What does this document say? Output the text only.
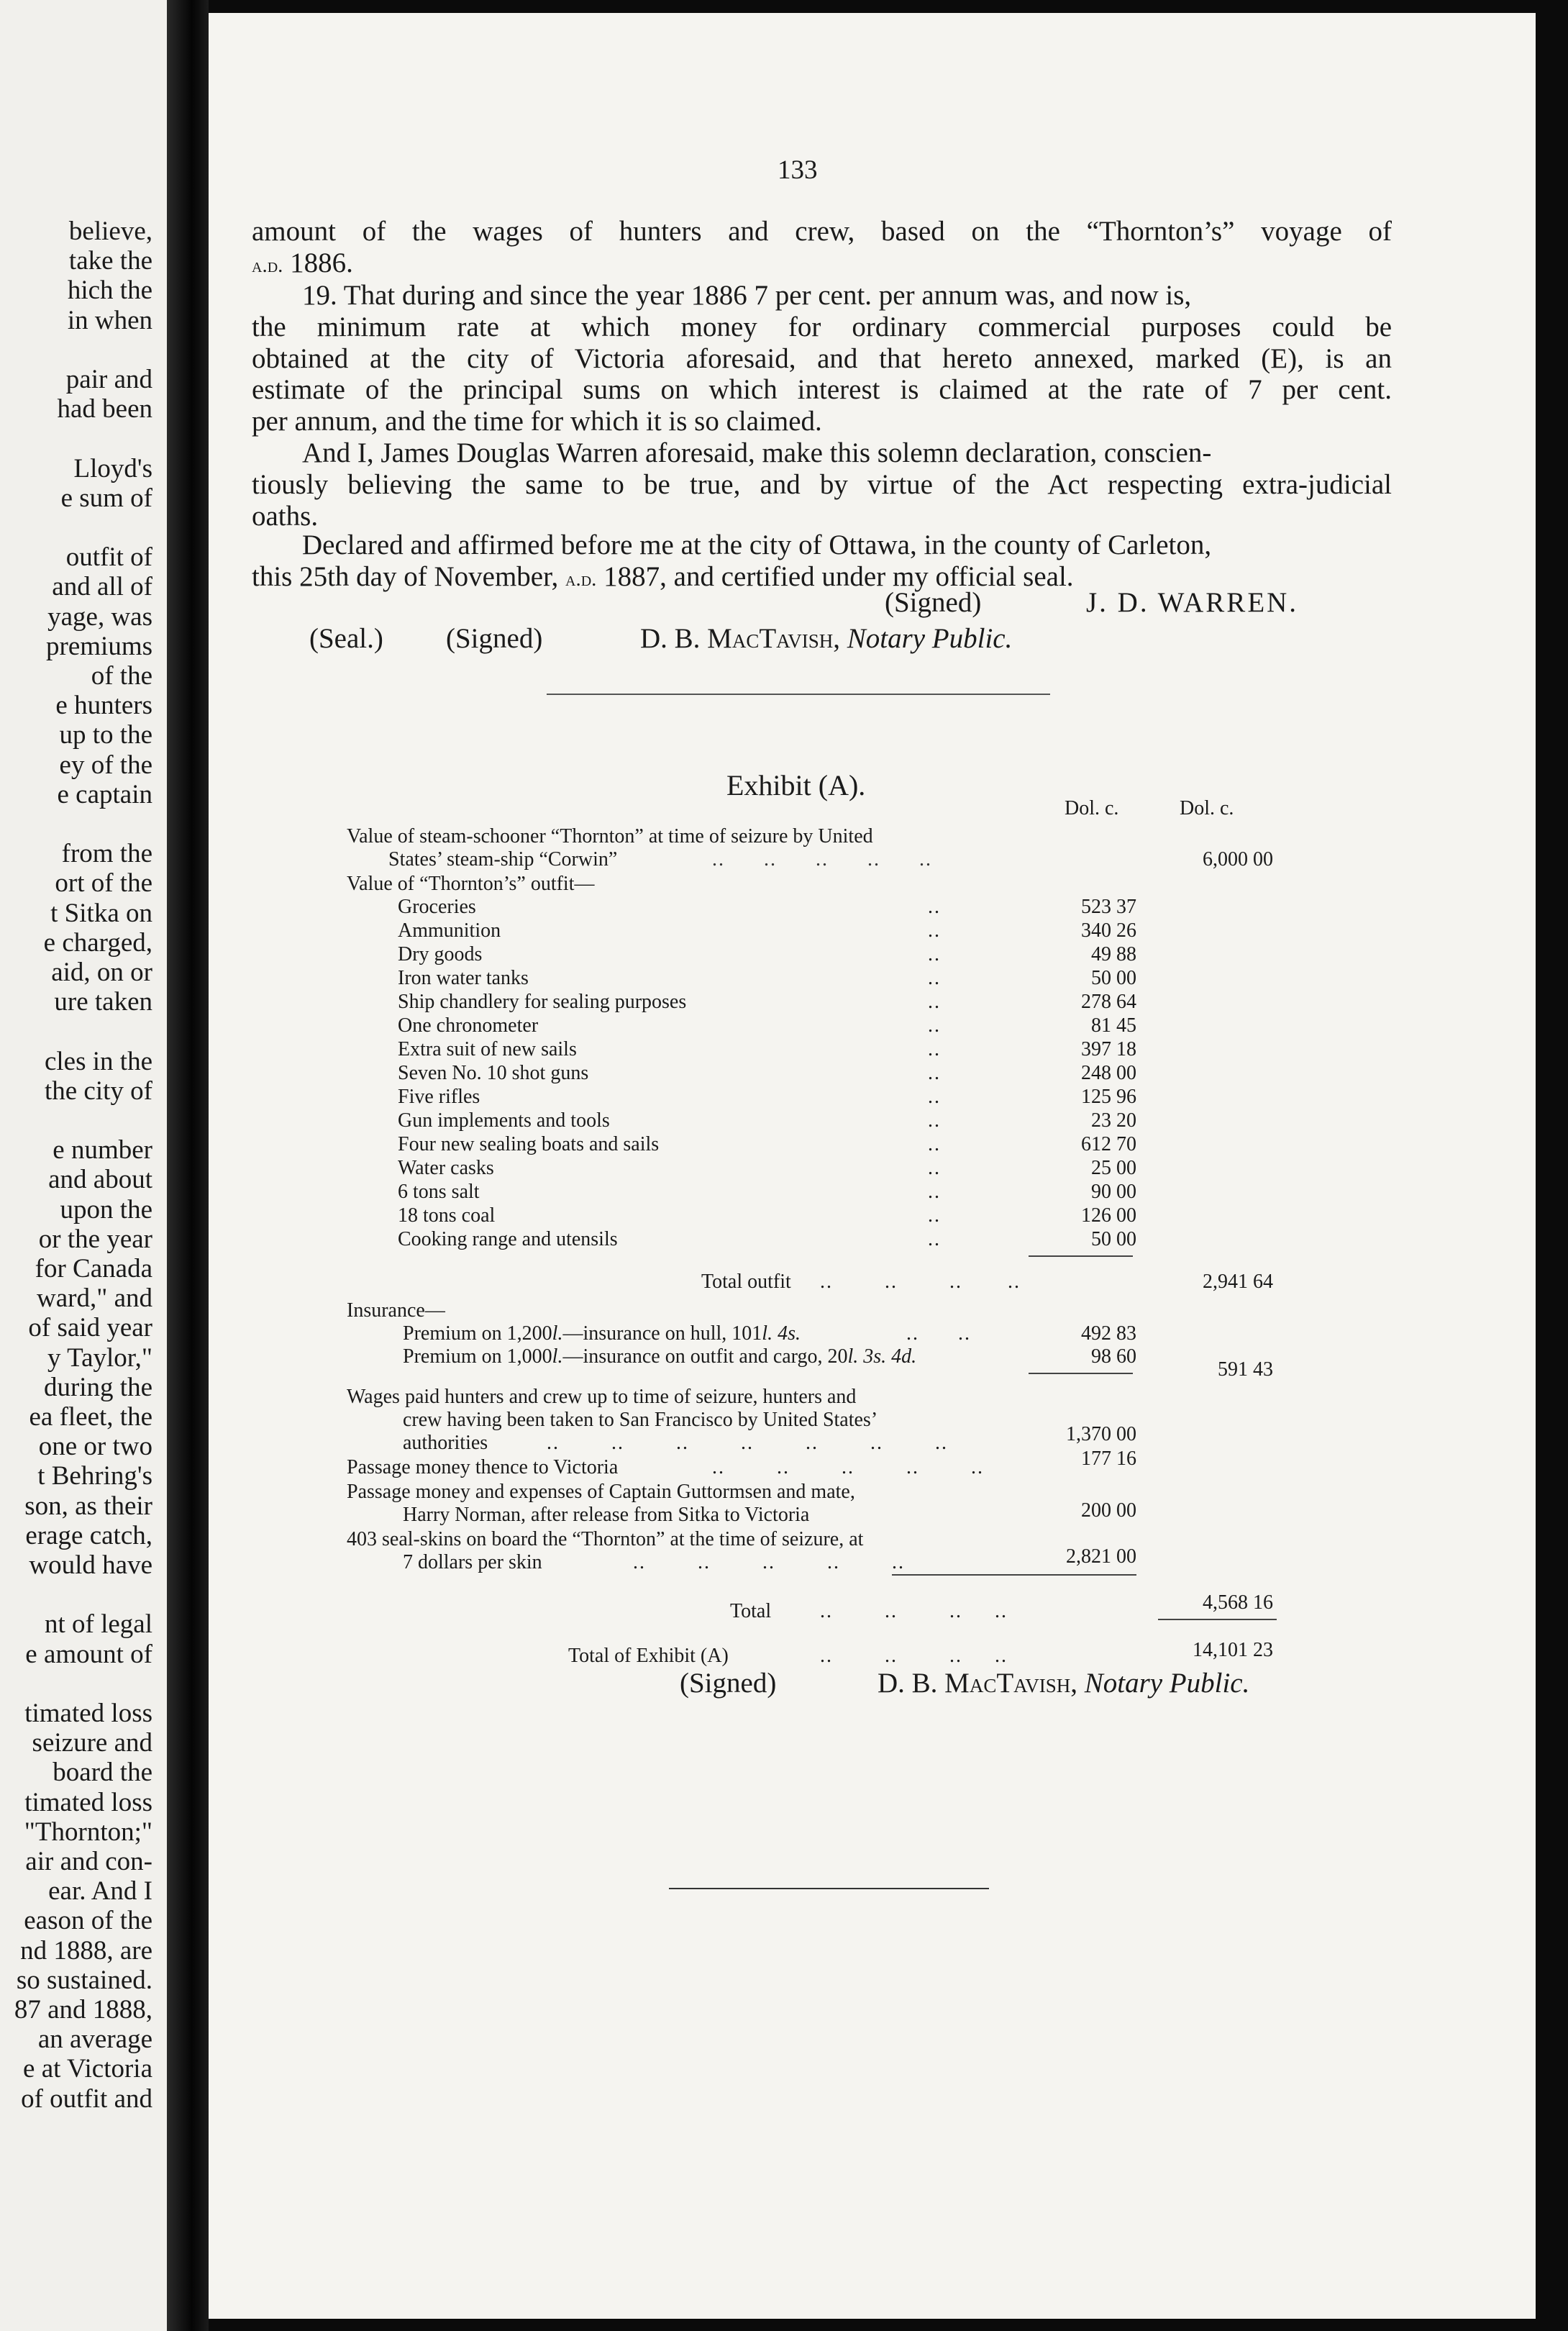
believe,
take the
hich the
in when
pair and
had been
Lloyd's
e sum of
outfit of
and all of
yage, was
premiums
of the
e hunters
up to the
ey of the
e captain
from the
ort of the
t Sitka on
e charged,
aid, on or
ure taken
cles in the
the city of
e number
and about
upon the
or the year
for Canada
ward," and
of said year
y Taylor,"
during the
ea fleet, the
one or two
t Behring's
son, as their
erage catch,
would have
nt of legal
e amount of
timated loss
seizure and
board the
timated loss
"Thornton;"
air and con-
ear. And I
eason of the
nd 1888, are
so sustained.
87 and 1888,
an average
e at Victoria
of outfit and
133
amount of the wages of hunters and crew, based on the “Thornton’s” voyage of
a.d. 1886.
19. That during and since the year 1886 7 per cent. per annum was, and now is,
the minimum rate at which money for ordinary commercial purposes could be
obtained at the city of Victoria aforesaid, and that hereto annexed, marked (E), is an
estimate of the principal sums on which interest is claimed at the rate of 7 per cent.
per annum, and the time for which it is so claimed.
And I, James Douglas Warren aforesaid, make this solemn declaration, conscien-
tiously believing the same to be true, and by virtue of the Act respecting extra-judicial
oaths.
Declared and affirmed before me at the city of Ottawa, in the county of Carleton,
this 25th day of November, a.d. 1887, and certified under my official seal.
(Signed)	J. D. WARREN.
(Seal.) (Signed)	D. B. MacTavish, Notary Public.
Exhibit (A).
Dol. c.	Dol. c.
Value of steam-schooner “Thornton” at time of seizure by United
States’ steam-ship “Corwin”	..      ..      ..      ..      ..	6,000 00
Value of “Thornton’s” outfit—
Groceries	..	523 37
Ammunition	..	340 26
Dry goods	..	49 88
Iron water tanks	..	50 00
Ship chandlery for sealing purposes	..	278 64
One chronometer	..	81 45
Extra suit of new sails	..	397 18
Seven No. 10 shot guns	..	248 00
Five rifles	..	125 96
Gun implements and tools	..	23 20
Four new sealing boats and sails	..	612 70
Water casks	..	25 00
6 tons salt	..	90 00
18 tons coal	..	126 00
Cooking range and utensils	..	50 00
Total outfit ..        ..        ..       ..	2,941 64
Insurance—
Premium on 1,200l.—insurance on hull, 101l. 4s.	..      ..	492 83
Premium on 1,000l.—insurance on outfit and cargo, 20l. 3s. 4d.	98 60
591 43
Wages paid hunters and crew up to time of seizure, hunters and
crew having been taken to San Francisco by United States’
authorities	..        ..        ..        ..        ..        ..        ..	1,370 00
Passage money thence to Victoria	..        ..        ..        ..        ..	177 16
Passage money and expenses of Captain Guttormsen and mate,
Harry Norman, after release from Sitka to Victoria	200 00
403 seal-skins on board the “Thornton” at the time of seizure, at
7 dollars per skin	..        ..        ..        ..        ..	2,821 00
Total ..        ..        ..     ..	4,568 16
Total of Exhibit (A)	..        ..        ..     ..	14,101 23
(Signed)	D. B. MacTavish, Notary Public.
